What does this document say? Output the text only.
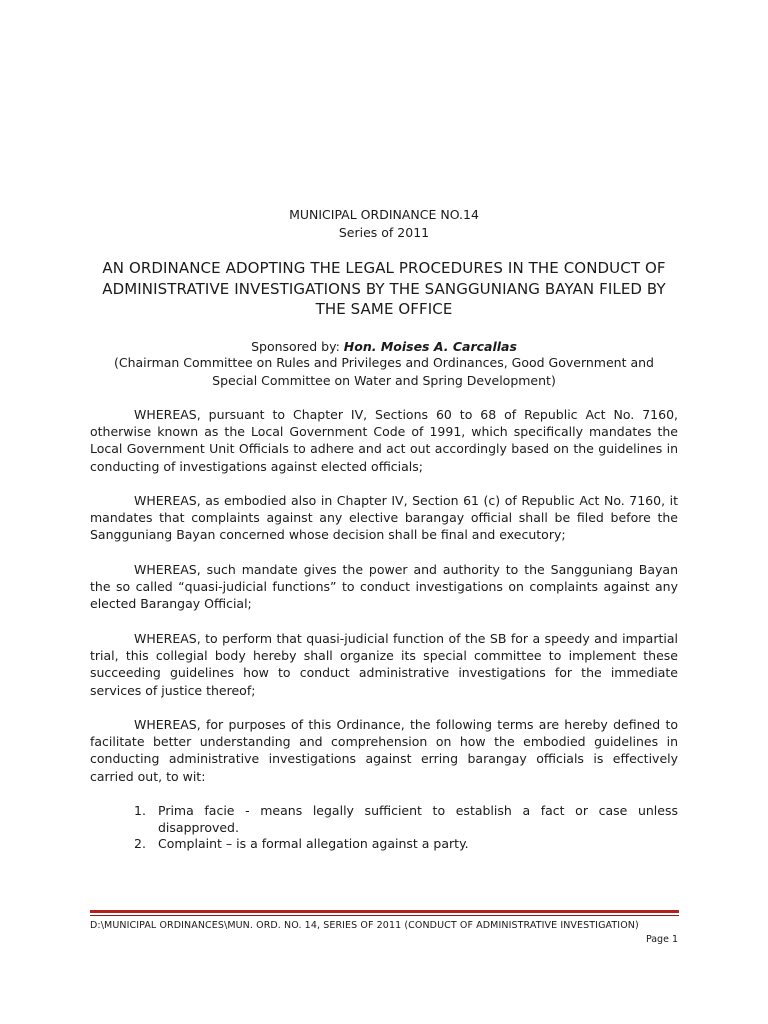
MUNICIPAL ORDINANCE NO.14
Series of 2011
AN ORDINANCE ADOPTING THE LEGAL PROCEDURES IN THE CONDUCT OF ADMINISTRATIVE INVESTIGATIONS BY THE SANGGUNIANG BAYAN FILED BY THE SAME OFFICE
Sponsored by: Hon. Moises A. Carcallas
(Chairman Committee on Rules and Privileges and Ordinances, Good Government and Special Committee on Water and Spring Development)
WHEREAS, pursuant to Chapter IV, Sections 60 to 68 of Republic Act No. 7160, otherwise known as the Local Government Code of 1991, which specifically mandates the Local Government Unit Officials to adhere and act out accordingly based on the guidelines in conducting of investigations against elected officials;
WHEREAS, as embodied also in Chapter IV, Section 61 (c) of Republic Act No. 7160, it mandates that complaints against any elective barangay official shall be filed before the Sangguniang Bayan concerned whose decision shall be final and executory;
WHEREAS, such mandate gives the power and authority to the Sangguniang Bayan the so called “quasi-judicial functions” to conduct investigations on complaints against any elected Barangay Official;
WHEREAS, to perform that quasi-judicial function of the SB for a speedy and impartial trial, this collegial body hereby shall organize its special committee to implement these succeeding guidelines how to conduct administrative investigations for the immediate services of justice thereof;
WHEREAS, for purposes of this Ordinance, the following terms are hereby defined to facilitate better understanding and comprehension on how the embodied guidelines in conducting administrative investigations against erring barangay officials is effectively carried out, to wit:
1. Prima facie - means legally sufficient to establish a fact or case unless disapproved.
2. Complaint – is a formal allegation against a party.
D:\MUNICIPAL ORDINANCES\MUN. ORD. NO. 14, SERIES OF 2011 (CONDUCT OF ADMINISTRATIVE INVESTIGATION)
Page 1
